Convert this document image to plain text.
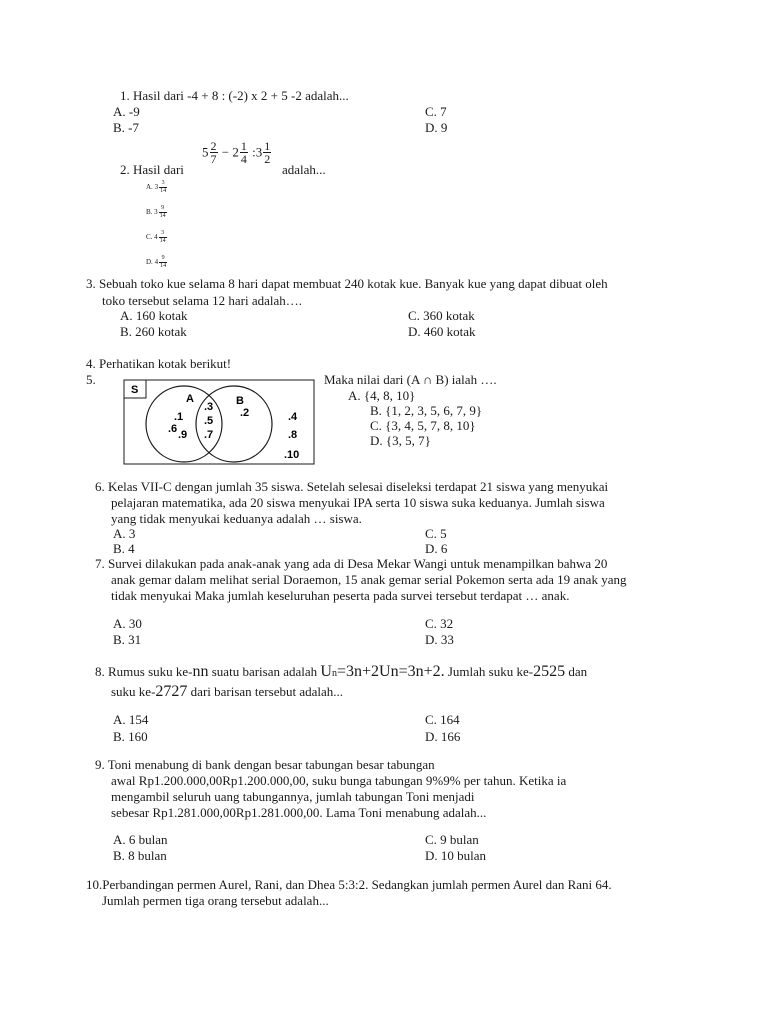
1. Hasil dari -4 + 8 : (-2) x 2 + 5 -2 adalah...
A. -9
B. -7
C. 7
D. 9
2. Hasil dari
$5 \frac{2}{7} - 2 \frac{1}{4}$ :3 $\frac{1}{2}$
adalah...
A. $3 \frac{3}{14}$
B. $3 \frac{9}{14}$
C. $4 \frac{3}{14}$
D. $4 \frac{9}{14}$
3. Sebuah toko kue selama 8 hari dapat membuat 240 kotak kue. Banyak kue yang dapat dibuat oleh
toko tersebut selama 12 hari adalah….
A. 160 kotak
B. 260 kotak
C. 360 kotak
D. 460 kotak
4. Perhatikan kotak berikut!
5.
S
A	B
.1
.6 .9
.3
.5
.7
.2	.4
.8
.10
Maka nilai dari (A ∩ B) ialah ….
A. {4, 8, 10}
B. {1, 2, 3, 5, 6, 7, 9}
C. {3, 4, 5, 7, 8, 10}
D. {3, 5, 7}
6. Kelas VII-C dengan jumlah 35 siswa. Setelah selesai diseleksi terdapat 21 siswa yang menyukai
pelajaran matematika, ada 20 siswa menyukai IPA serta 10 siswa suka keduanya. Jumlah siswa
yang tidak menyukai keduanya adalah … siswa.
A. 3
B. 4
C. 5
D. 6
7. Survei dilakukan pada anak-anak yang ada di Desa Mekar Wangi untuk menampilkan bahwa 20
anak gemar dalam melihat serial Doraemon, 15 anak gemar serial Pokemon serta ada 19 anak yang
tidak menyukai Maka jumlah keseluruhan peserta pada survei tersebut terdapat … anak.
A. 30
B. 31
C. 32
D. 33
8. Rumus suku ke-nn suatu barisan adalah Un=3n+2Un=3n+2. Jumlah suku ke-2525 dan
suku ke-2727 dari barisan tersebut adalah...
A. 154
B. 160
C. 164
D. 166
9. Toni menabung di bank dengan besar tabungan besar tabungan
awal Rp1.200.000,00Rp1.200.000,00, suku bunga tabungan 9%9% per tahun. Ketika ia
mengambil seluruh uang tabungannya, jumlah tabungan Toni menjadi
sebesar Rp1.281.000,00Rp1.281.000,00. Lama Toni menabung adalah...
A. 6 bulan
B. 8 bulan
C. 9 bulan
D. 10 bulan
10.Perbandingan permen Aurel, Rani, dan Dhea 5:3:2. Sedangkan jumlah permen Aurel dan Rani 64.
Jumlah permen tiga orang tersebut adalah...
